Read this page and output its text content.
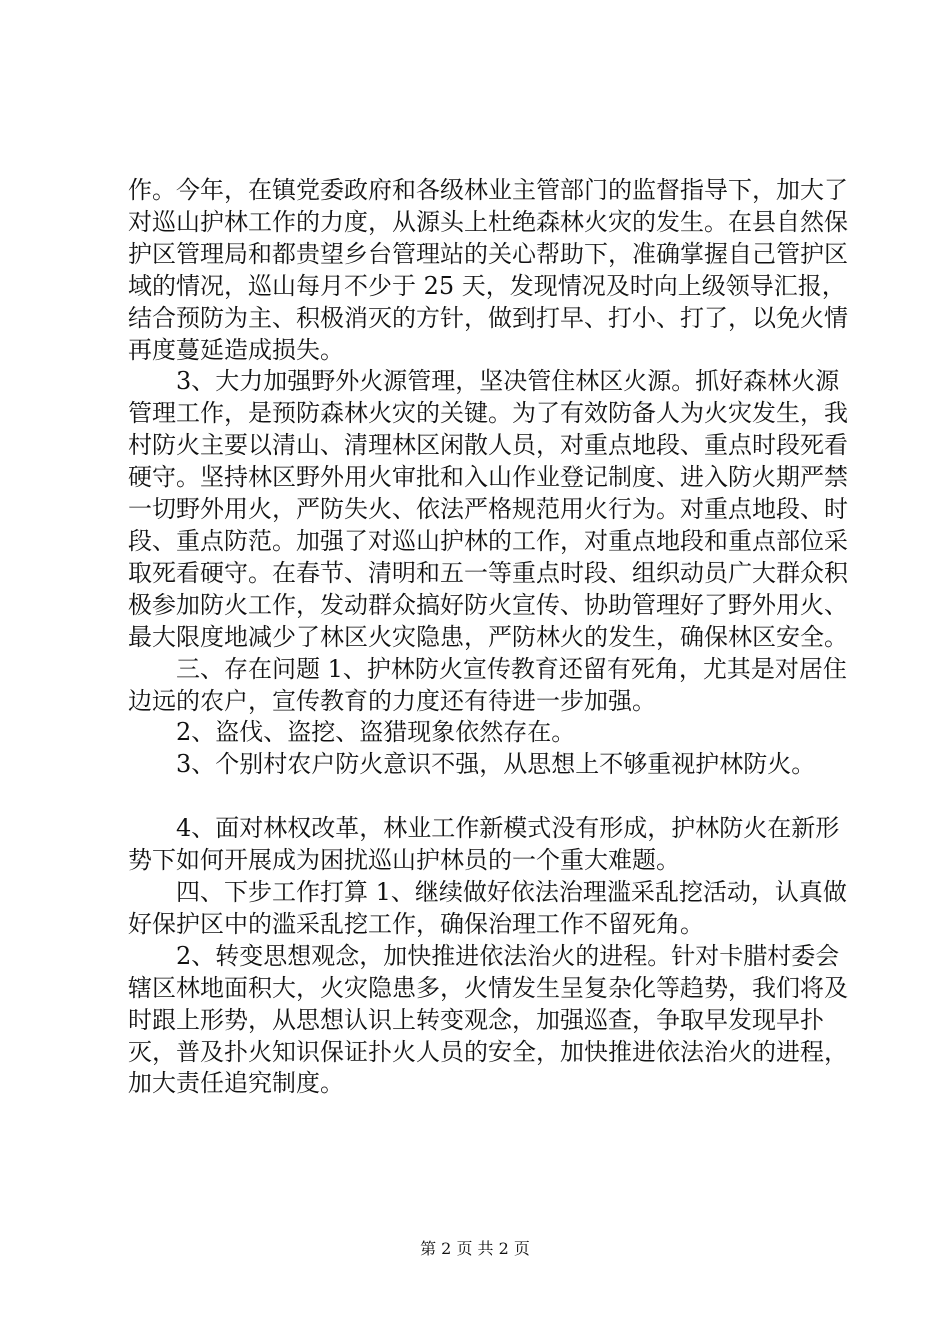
作。今年，在镇党委政府和各级林业主管部门的监督指导下，加大了对巡山护林工作的力度，从源头上杜绝森林火灾的发生。在县自然保护区管理局和都贵望乡台管理站的关心帮助下，准确掌握自己管护区域的情况，巡山每月不少于 25 天，发现情况及时向上级领导汇报，结合预防为主、积极消灭的方针，做到打早、打小、打了，以免火情再度蔓延造成损失。

　　3、大力加强野外火源管理，坚决管住林区火源。抓好森林火源管理工作，是预防森林火灾的关键。为了有效防备人为火灾发生，我村防火主要以清山、清理林区闲散人员，对重点地段、重点时段死看硬守。坚持林区野外用火审批和入山作业登记制度、进入防火期严禁一切野外用火，严防失火、依法严格规范用火行为。对重点地段、时段、重点防范。加强了对巡山护林的工作，对重点地段和重点部位采取死看硬守。在春节、清明和五一等重点时段、组织动员广大群众积极参加防火工作，发动群众搞好防火宣传、协助管理好了野外用火、最大限度地减少了林区火灾隐患，严防林火的发生，确保林区安全。

　　三、存在问题 1、护林防火宣传教育还留有死角，尤其是对居住边远的农户，宣传教育的力度还有待进一步加强。

　　2、盗伐、盗挖、盗猎现象依然存在。

　　3、个别村农户防火意识不强，从思想上不够重视护林防火。

　　4、面对林权改革，林业工作新模式没有形成，护林防火在新形势下如何开展成为困扰巡山护林员的一个重大难题。

　　四、下步工作打算 1、继续做好依法治理滥采乱挖活动，认真做好保护区中的滥采乱挖工作，确保治理工作不留死角。

　　2、转变思想观念，加快推进依法治火的进程。针对卡腊村委会辖区林地面积大，火灾隐患多，火情发生呈复杂化等趋势，我们将及时跟上形势，从思想认识上转变观念，加强巡查，争取早发现早扑灭，普及扑火知识保证扑火人员的安全，加快推进依法治火的进程，加大责任追究制度。

第 2 页 共 2 页
